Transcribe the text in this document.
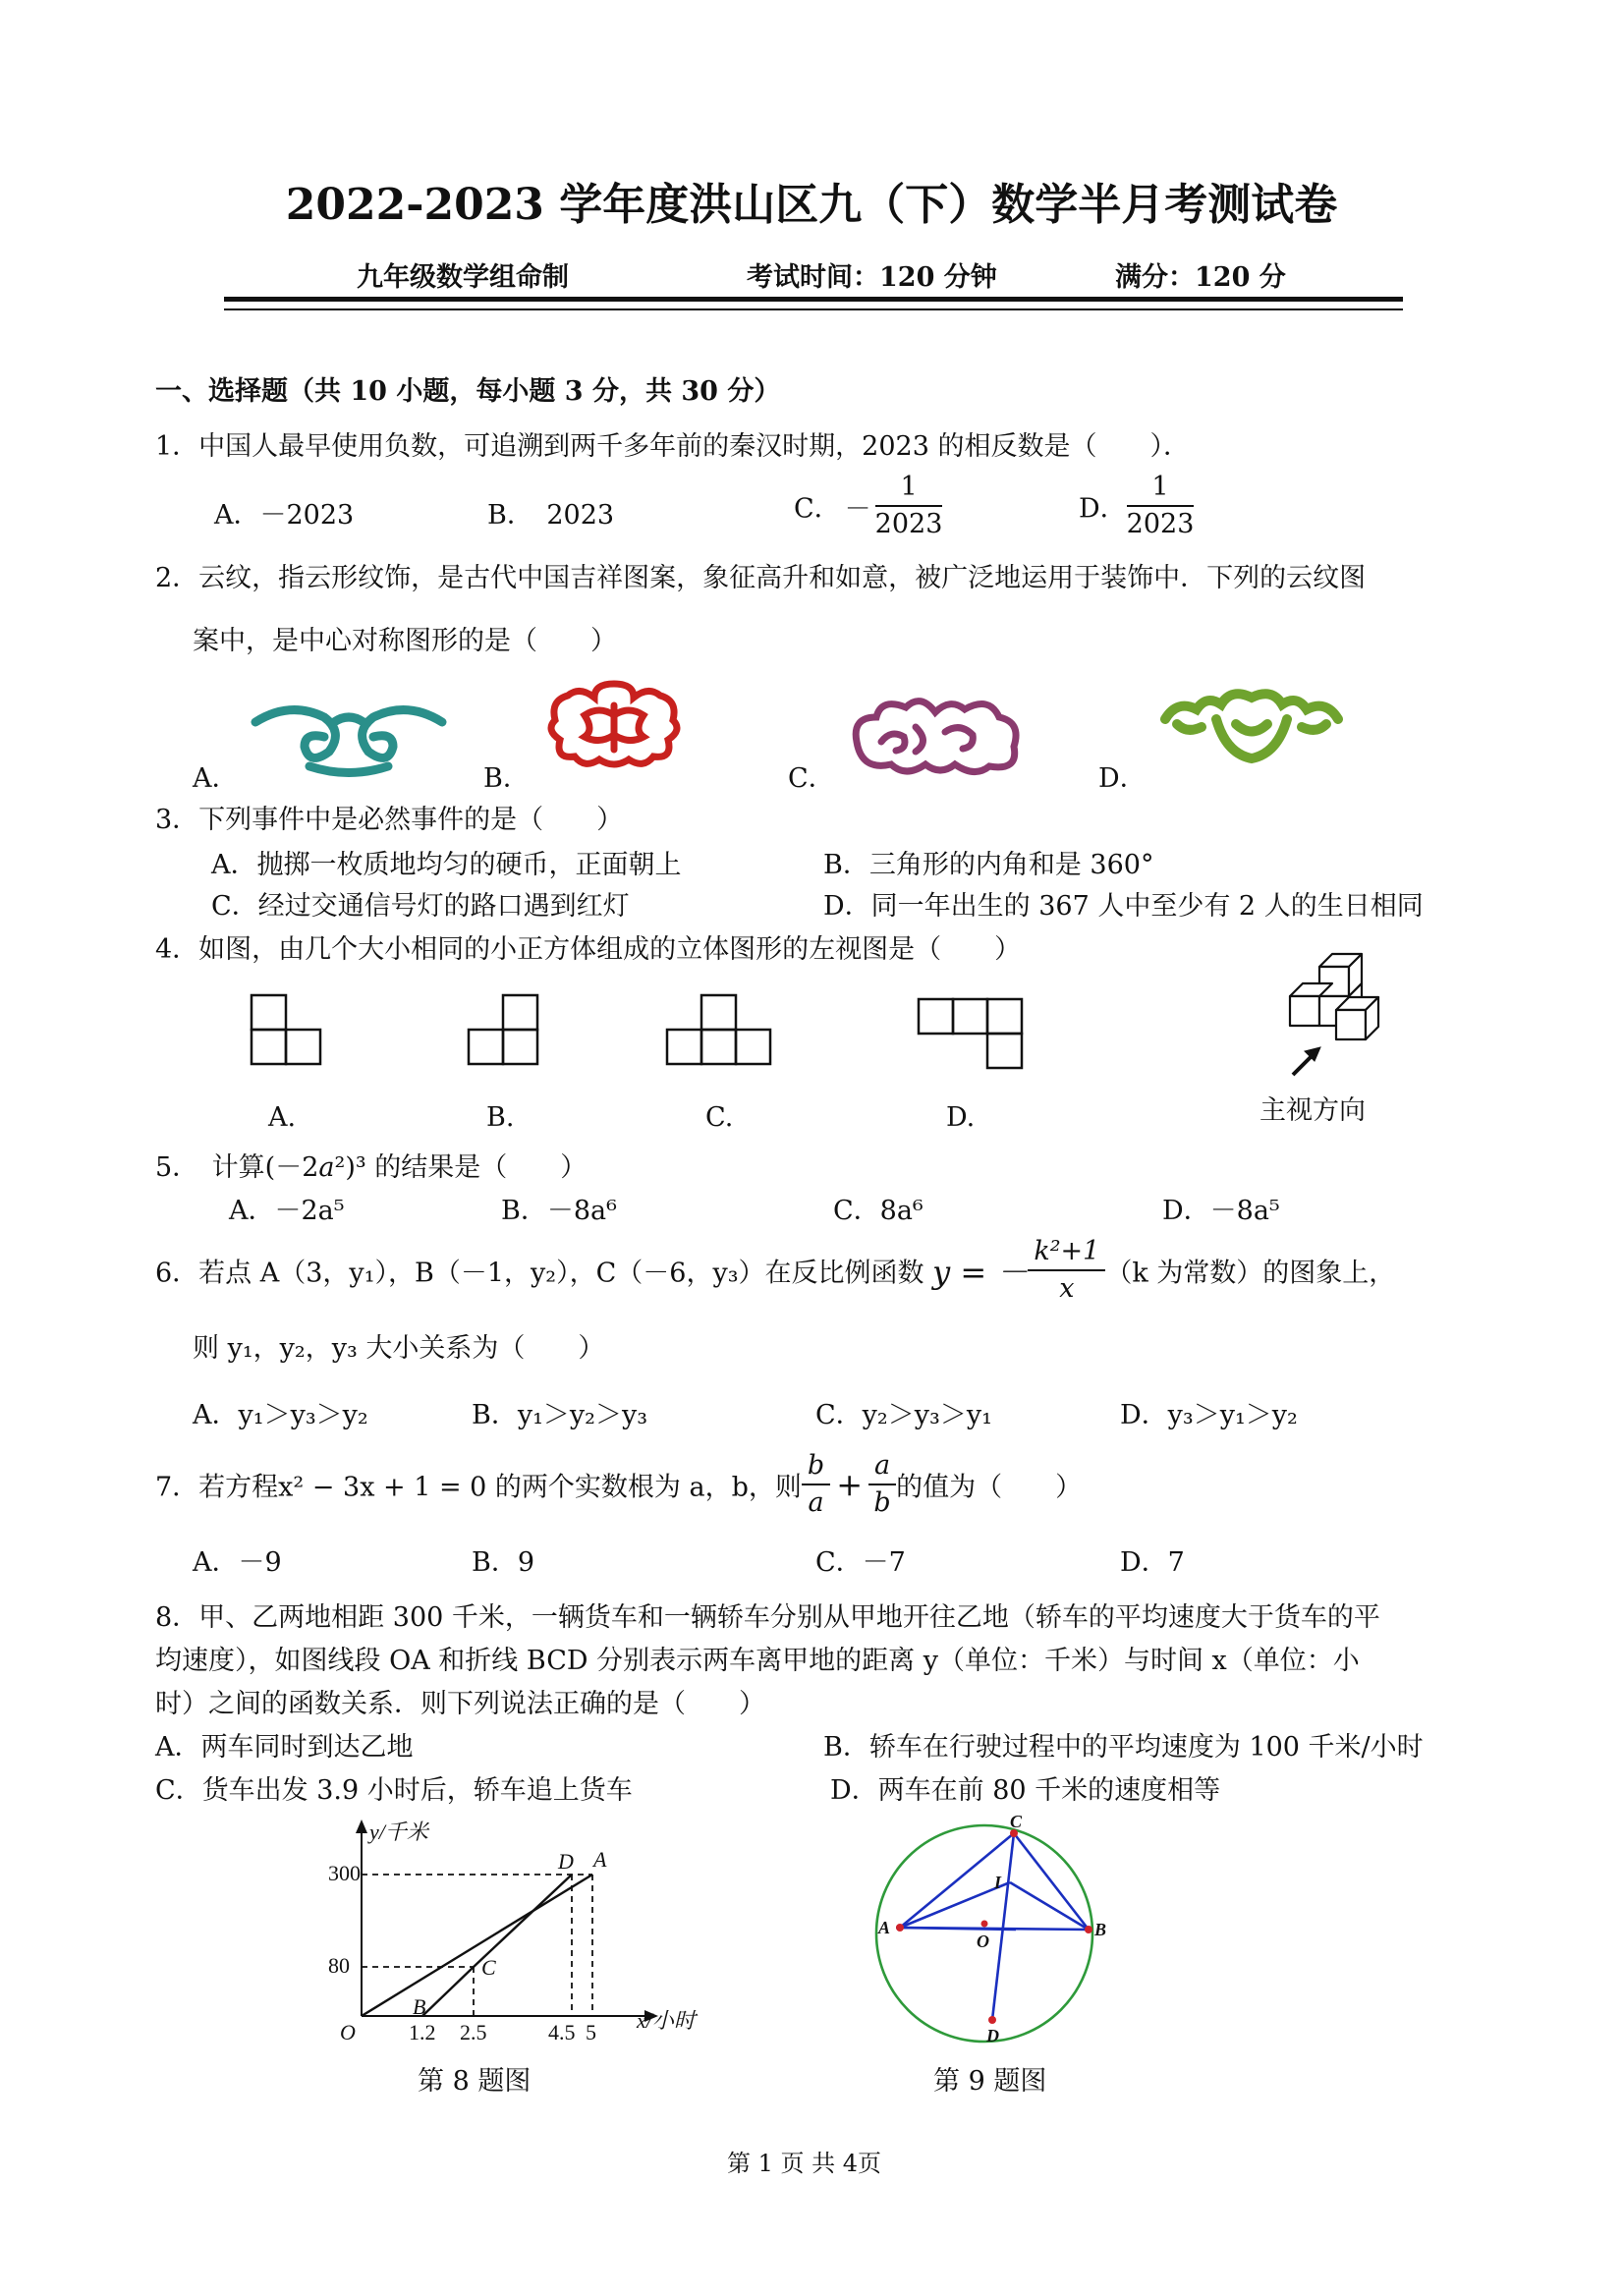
2022-2023 学年度洪山区九（下）数学半月考测试卷
九年级数学组命制	考试时间：120 分钟	满分：120 分
一、选择题（共 10 小题，每小题 3 分，共 30 分）
1．中国人最早使用负数，可追溯到两千多年前的秦汉时期，2023 的相反数是（　　）．
A．－2023	B．　2023	C． － $\frac{1}{2023}$	D． $\frac{1}{2023}$
2．云纹，指云形纹饰，是古代中国吉祥图案，象征高升和如意，被广泛地运用于装饰中．下列的云纹图
案中，是中心对称图形的是（　　）
A．	B．	C．	D．
3．下列事件中是必然事件的是（　　）
A．抛掷一枚质地均匀的硬币，正面朝上	B．三角形的内角和是 360°
C．经过交通信号灯的路口遇到红灯	D．同一年出生的 367 人中至少有 2 人的生日相同
4．如图，由几个大小相同的小正方体组成的立体图形的左视图是（　　）
A.	B.	C.	D.	主视方向
5．　计算(－2a²)³ 的结果是（　　）
A．－2a⁵	B．－8a⁶	C．8a⁶	D．－8a⁵
6．若点 A（3，y₁），B（－1，y₂），C（－6，y₃）在反比例函数 y = － $\frac{\text{k²+1}}{x} (k$ 为常数）的图象上，
则 y₁，y₂，y₃ 大小关系为（　　）
A．y₁＞y₃＞y₂	B．y₁＞y₂＞y₃	C．y₂＞y₃＞y₁	D．y₃＞y₁＞y₂
7．若方程x² − 3x + 1 = 0 的两个实数根为 a，b，则 $\frac{b}{a} + \frac{a}{b}$ 的值为（　　）
A．－9	B．9	C．－7	D．7
8．甲、乙两地相距 300 千米，一辆货车和一辆轿车分别从甲地开往乙地（轿车的平均速度大于货车的平
均速度），如图线段 OA 和折线 BCD 分别表示两车离甲地的距离 y（单位：千米）与时间 x（单位：小
时）之间的函数关系．则下列说法正确的是（　　）
A．两车同时到达乙地	B．轿车在行驶过程中的平均速度为 100 千米/小时
C．货车出发 3.9 小时后，轿车追上货车	D．两车在前 80 千米的速度相等
300
80
1.2 2.5	4.5 5
O
B
C
D A
y/千米
x/小时
第 8 题图
C
I
A	B
O
D
第 9 题图
第 1 页 共 4页
